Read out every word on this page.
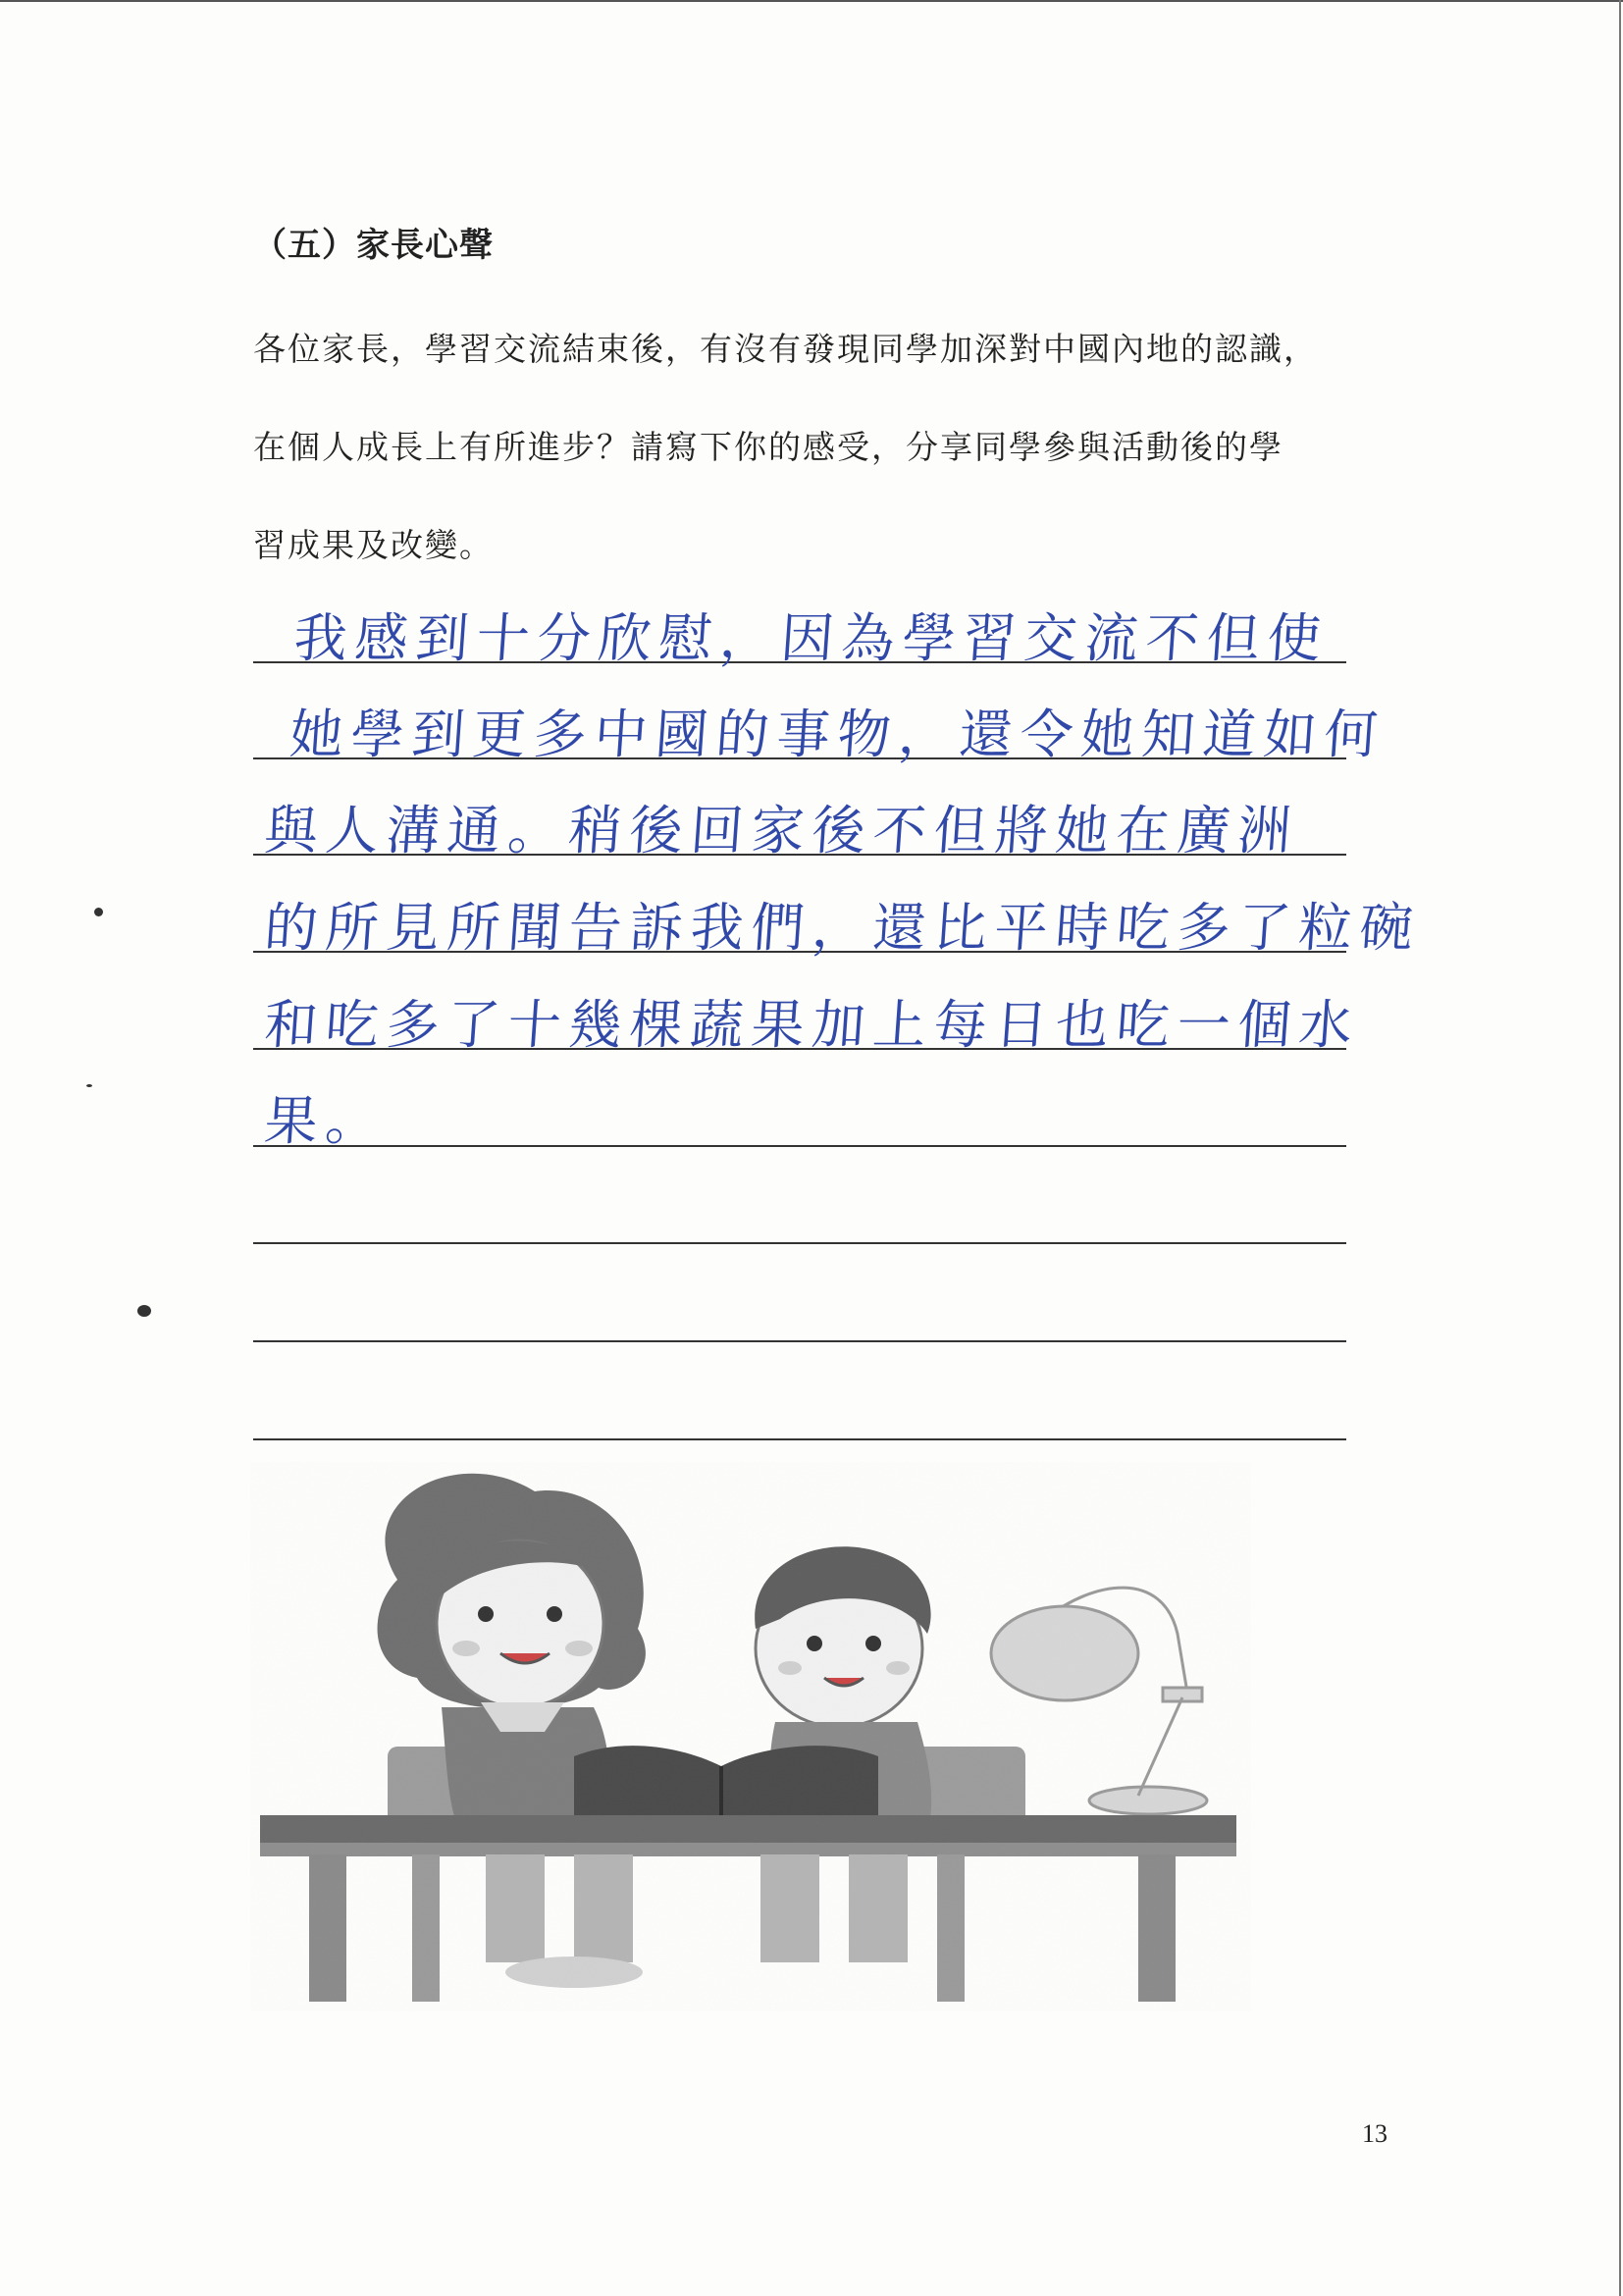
（五）家長心聲
各位家長，學習交流結束後，有沒有發現同學加深對中國內地的認識，
在個人成長上有所進步？請寫下你的感受，分享同學參與活動後的學
習成果及改變。
我感到十分欣慰，因為學習交流不但使
她學到更多中國的事物，還令她知道如何
與人溝通。稍後回家後不但將她在廣洲
的所見所聞告訴我們，還比平時吃多了粒碗
和吃多了十幾棵蔬果加上每日也吃一個水
果。
13
